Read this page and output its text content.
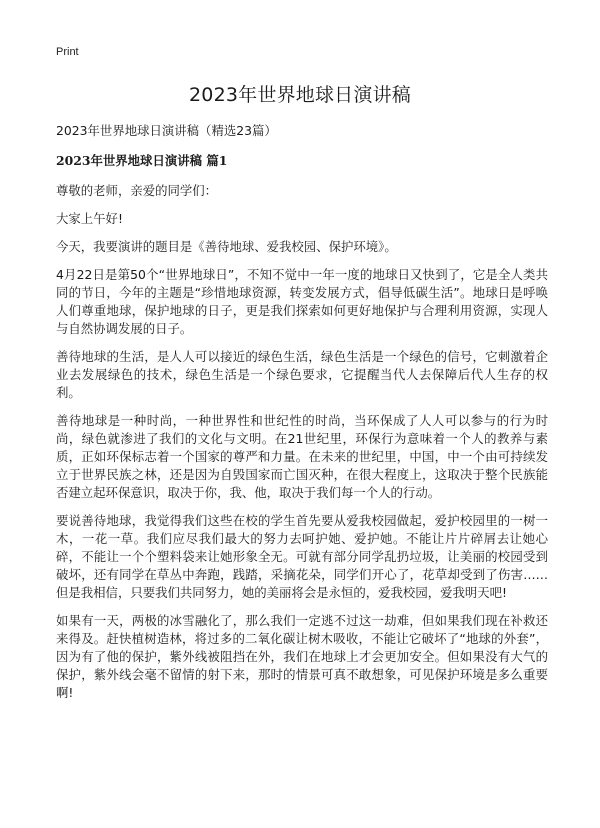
Print
2023年世界地球日演讲稿
2023年世界地球日演讲稿（精选23篇）
2023年世界地球日演讲稿 篇1

尊敬的老师，亲爱的同学们：

大家上午好!

今天，我要演讲的题目是《善待地球、爱我校园、保护环境》。

4月22日是第50个“世界地球日”，不知不觉中一年一度的地球日又快到了，它是全人类共同的节日，今年的主题是“珍惜地球资源，转变发展方式，倡导低碳生活”。地球日是呼唤人们尊重地球，保护地球的日子，更是我们探索如何更好地保护与合理利用资源，实现人与自然协调发展的日子。

善待地球的生活，是人人可以接近的绿色生活，绿色生活是一个绿色的信号，它刺激着企业去发展绿色的技术，绿色生活是一个绿色要求，它提醒当代人去保障后代人生存的权利。

善待地球是一种时尚，一种世界性和世纪性的时尚，当环保成了人人可以参与的行为时尚，绿色就渗进了我们的文化与文明。在21世纪里，环保行为意味着一个人的教养与素质，正如环保标志着一个国家的尊严和力量。在未来的世纪里，中国，中一个由可持续发立于世界民族之林，还是因为自毁国家而亡国灭种，在很大程度上，这取决于整个民族能否建立起环保意识，取决于你，我、他，取决于我们每一个人的行动。

要说善待地球，我觉得我们这些在校的学生首先要从爱我校园做起，爱护校园里的一树一木，一花一草。我们应尽我们最大的努力去呵护她、爱护她。不能让片片碎屑去让她心碎，不能让一个个塑料袋来让她形象全无。可就有部分同学乱扔垃圾，让美丽的校园受到破坏，还有同学在草丛中奔跑，践踏，采摘花朵，同学们开心了，花草却受到了伤害……但是我相信，只要我们共同努力，她的美丽将会是永恒的，爱我校园，爱我明天吧!

如果有一天，两极的冰雪融化了，那么我们一定逃不过这一劫难，但如果我们现在补救还来得及。赶快植树造林，将过多的二氧化碳让树木吸收，不能让它破坏了“地球的外套”，因为有了他的保护，紫外线被阻挡在外，我们在地球上才会更加安全。但如果没有大气的保护，紫外线会毫不留情的射下来，那时的情景可真不敢想象，可见保护环境是多么重要啊!
